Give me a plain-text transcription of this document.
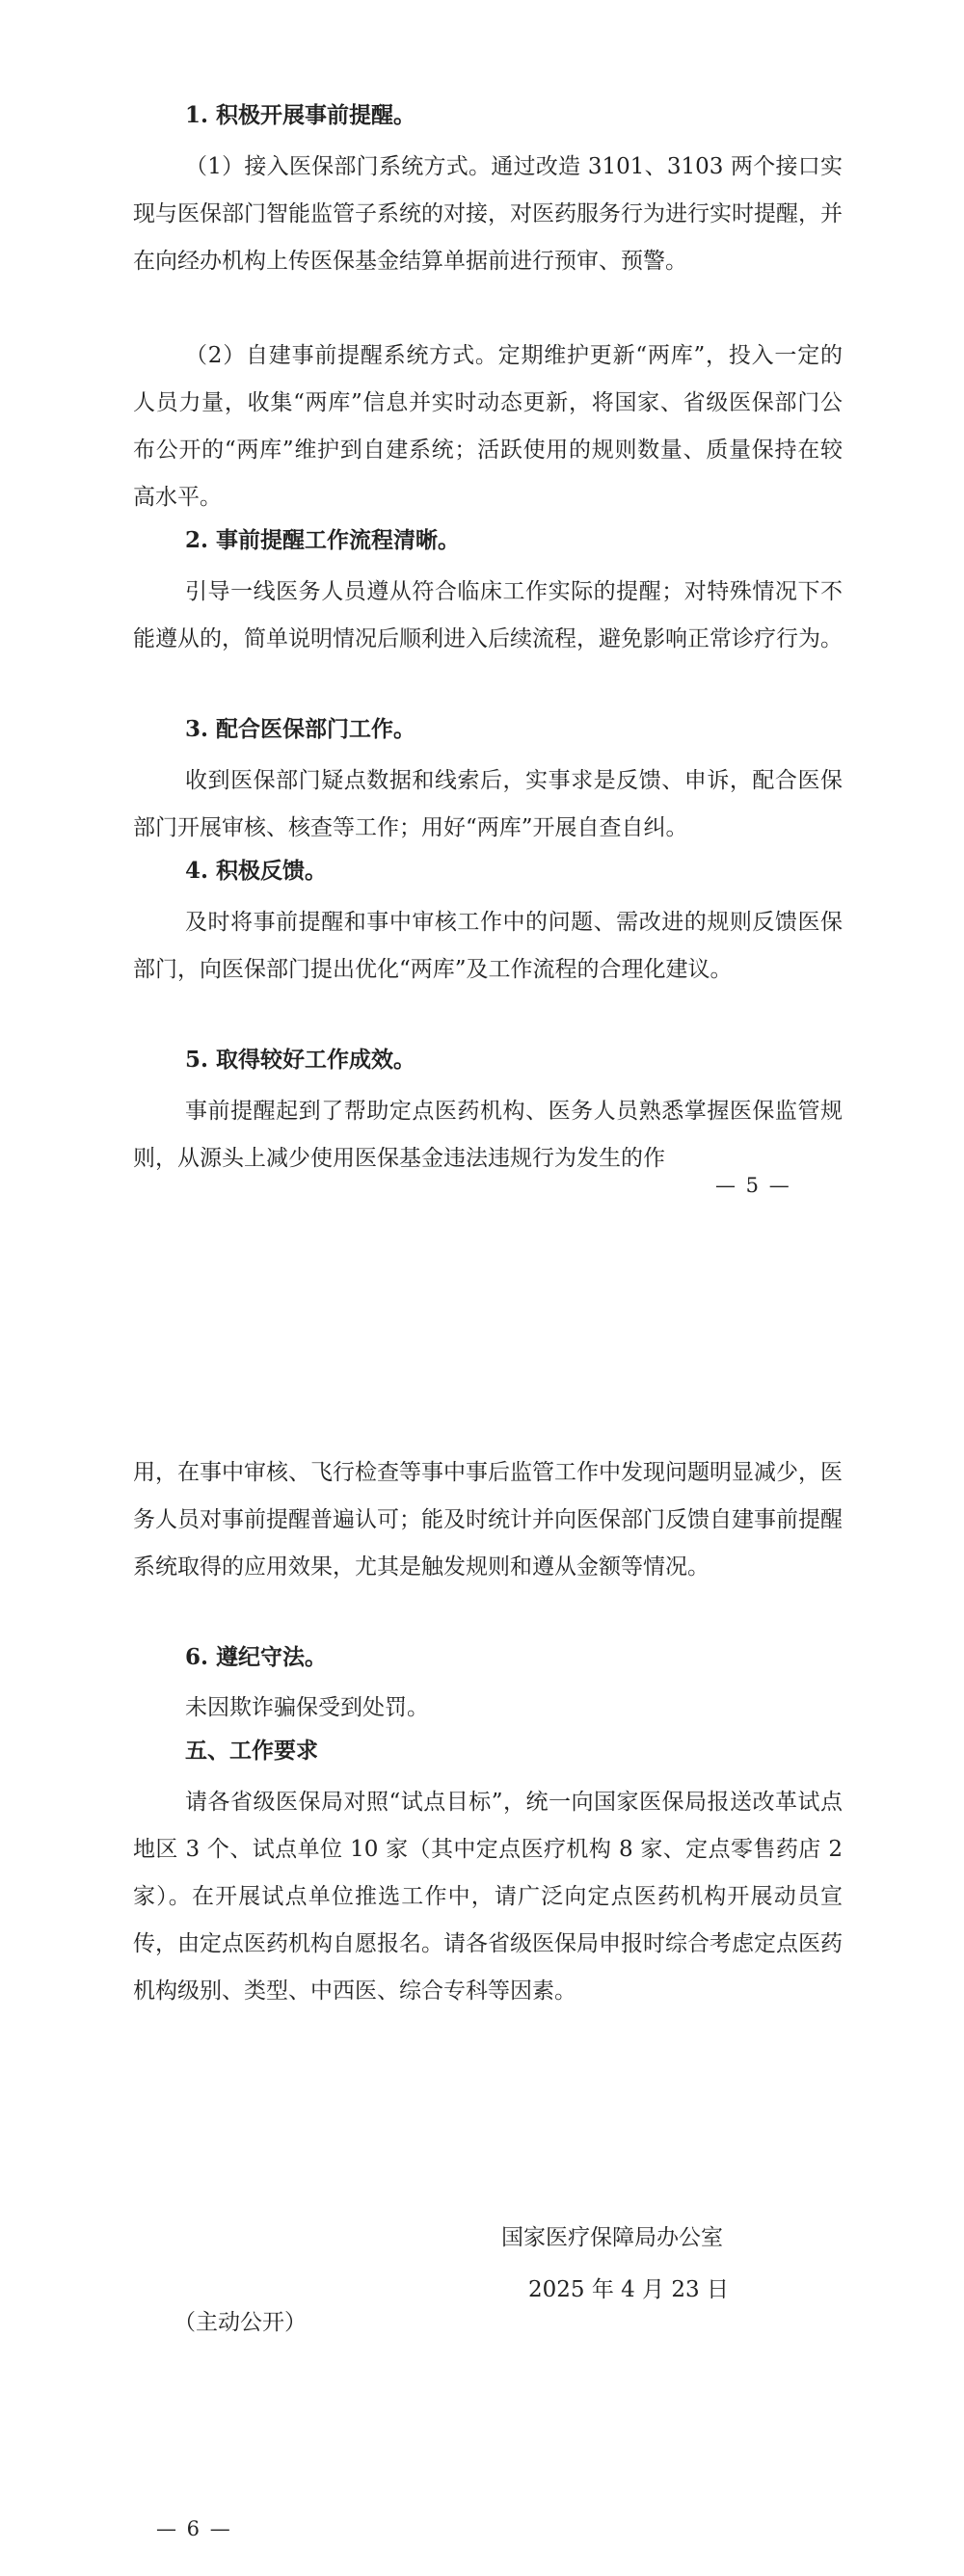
1. 积极开展事前提醒。

（1）接入医保部门系统方式。通过改造 3101、3103 两个接口实现与医保部门智能监管子系统的对接，对医药服务行为进行实时提醒，并在向经办机构上传医保基金结算单据前进行预审、预警。

（2）自建事前提醒系统方式。定期维护更新“两库”，投入一定的人员力量，收集“两库”信息并实时动态更新，将国家、省级医保部门公布公开的“两库”维护到自建系统；活跃使用的规则数量、质量保持在较高水平。

2. 事前提醒工作流程清晰。

引导一线医务人员遵从符合临床工作实际的提醒；对特殊情况下不能遵从的，简单说明情况后顺利进入后续流程，避免影响正常诊疗行为。

3. 配合医保部门工作。

收到医保部门疑点数据和线索后，实事求是反馈、申诉，配合医保部门开展审核、核查等工作；用好“两库”开展自查自纠。

4. 积极反馈。

及时将事前提醒和事中审核工作中的问题、需改进的规则反馈医保部门，向医保部门提出优化“两库”及工作流程的合理化建议。

5. 取得较好工作成效。

事前提醒起到了帮助定点医药机构、医务人员熟悉掌握医保监管规则，从源头上减少使用医保基金违法违规行为发生的作

— 5 —

用，在事中审核、飞行检查等事中事后监管工作中发现问题明显减少，医务人员对事前提醒普遍认可；能及时统计并向医保部门反馈自建事前提醒系统取得的应用效果，尤其是触发规则和遵从金额等情况。

6. 遵纪守法。

未因欺诈骗保受到处罚。

五、工作要求

请各省级医保局对照“试点目标”，统一向国家医保局报送改革试点地区 3 个、试点单位 10 家（其中定点医疗机构 8 家、定点零售药店 2 家）。在开展试点单位推选工作中，请广泛向定点医药机构开展动员宣传，由定点医药机构自愿报名。请各省级医保局申报时综合考虑定点医药机构级别、类型、中西医、综合专科等因素。

国家医疗保障局办公室

2025 年 4 月 23 日

（主动公开）

— 6 —
